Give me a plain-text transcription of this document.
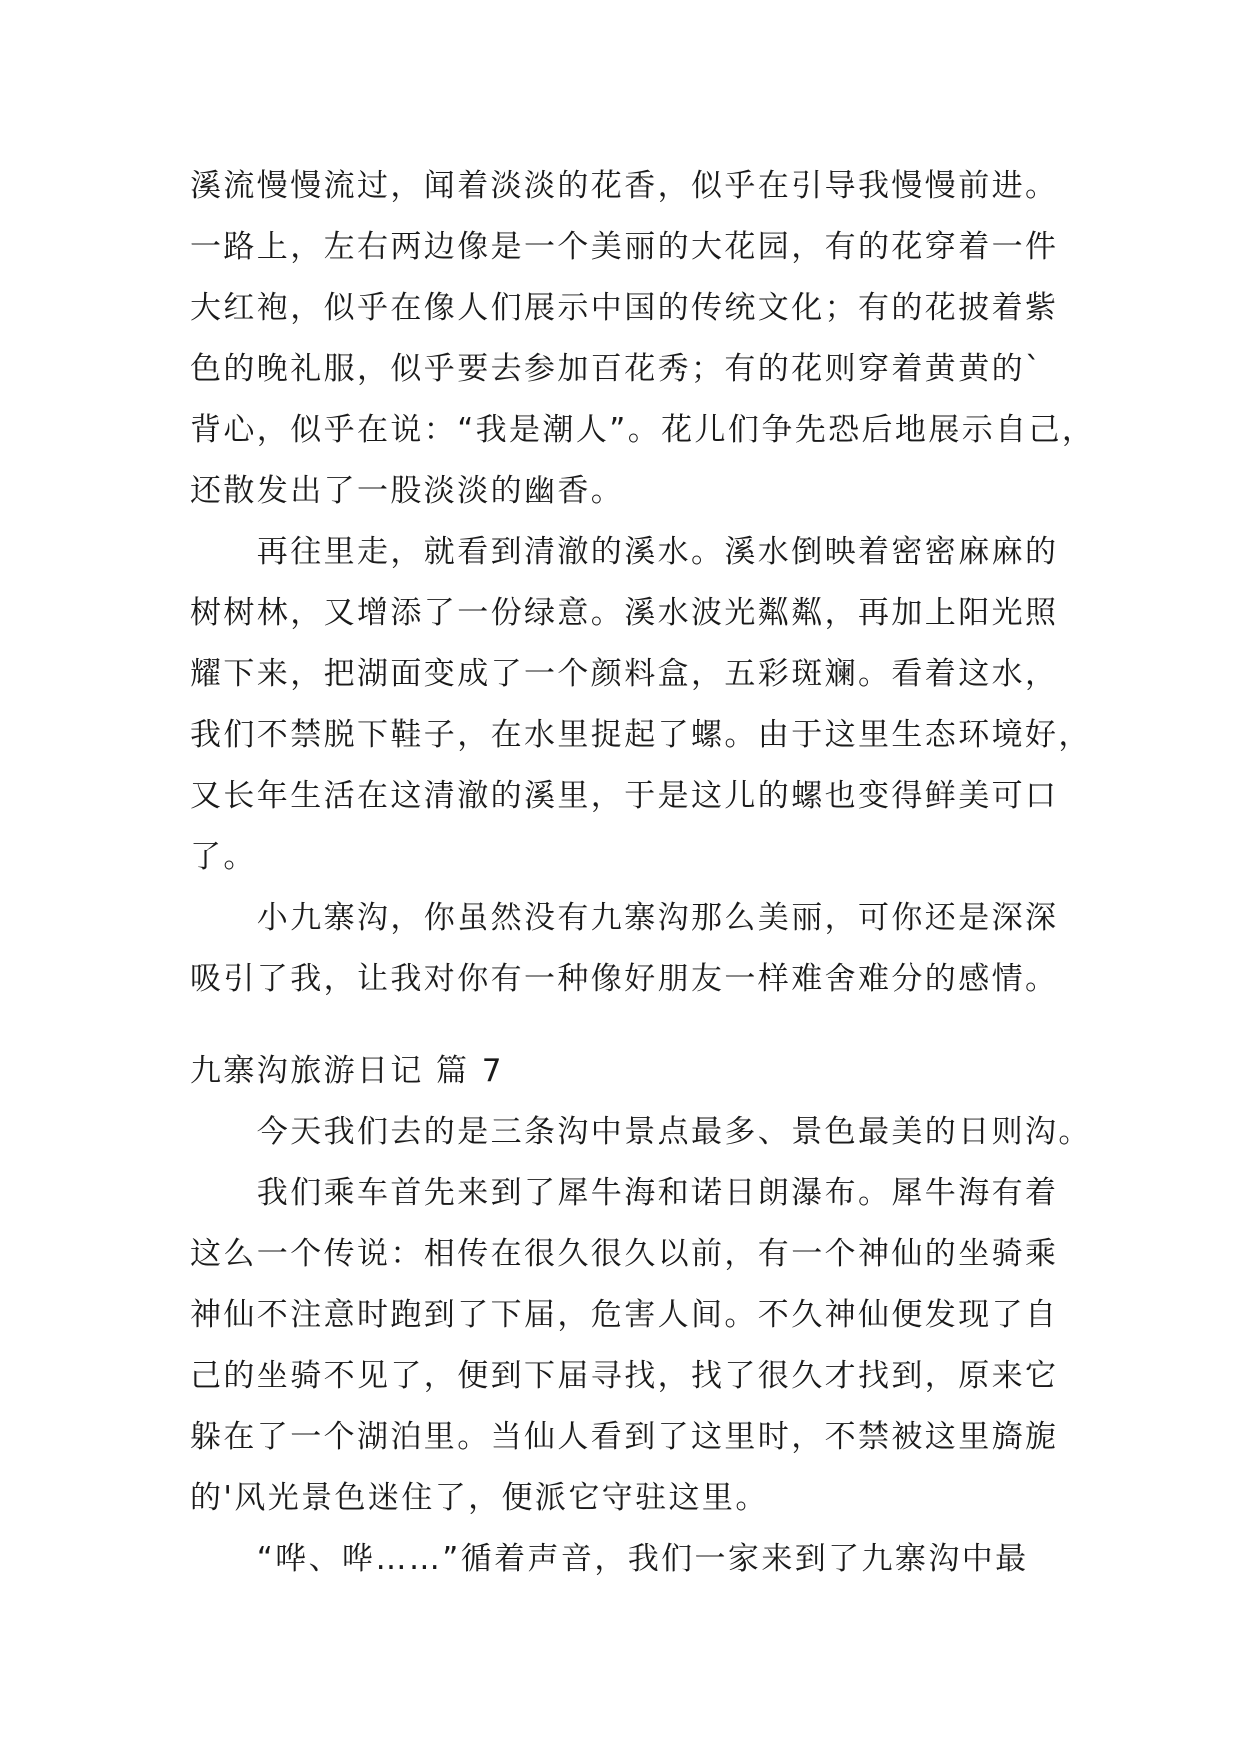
溪流慢慢流过，闻着淡淡的花香，似乎在引导我慢慢前进。
一路上，左右两边像是一个美丽的大花园，有的花穿着一件
大红袍，似乎在像人们展示中国的传统文化；有的花披着紫
色的晚礼服，似乎要去参加百花秀；有的花则穿着黄黄的`
背心，似乎在说：“我是潮人”。花儿们争先恐后地展示自己，
还散发出了一股淡淡的幽香。
　　再往里走，就看到清澈的溪水。溪水倒映着密密麻麻的
树树林，又增添了一份绿意。溪水波光粼粼，再加上阳光照
耀下来，把湖面变成了一个颜料盒，五彩斑斓。看着这水，
我们不禁脱下鞋子，在水里捉起了螺。由于这里生态环境好，
又长年生活在这清澈的溪里，于是这儿的螺也变得鲜美可口
了。
　　小九寨沟，你虽然没有九寨沟那么美丽，可你还是深深
吸引了我，让我对你有一种像好朋友一样难舍难分的感情。
九寨沟旅游日记 篇 7
　　今天我们去的是三条沟中景点最多、景色最美的日则沟。
　　我们乘车首先来到了犀牛海和诺日朗瀑布。犀牛海有着
这么一个传说：相传在很久很久以前，有一个神仙的坐骑乘
神仙不注意时跑到了下届，危害人间。不久神仙便发现了自
己的坐骑不见了，便到下届寻找，找了很久才找到，原来它
躲在了一个湖泊里。当仙人看到了这里时，不禁被这里旖旎
的'风光景色迷住了，便派它守驻这里。
　　“哗、哗……”循着声音，我们一家来到了九寨沟中最
